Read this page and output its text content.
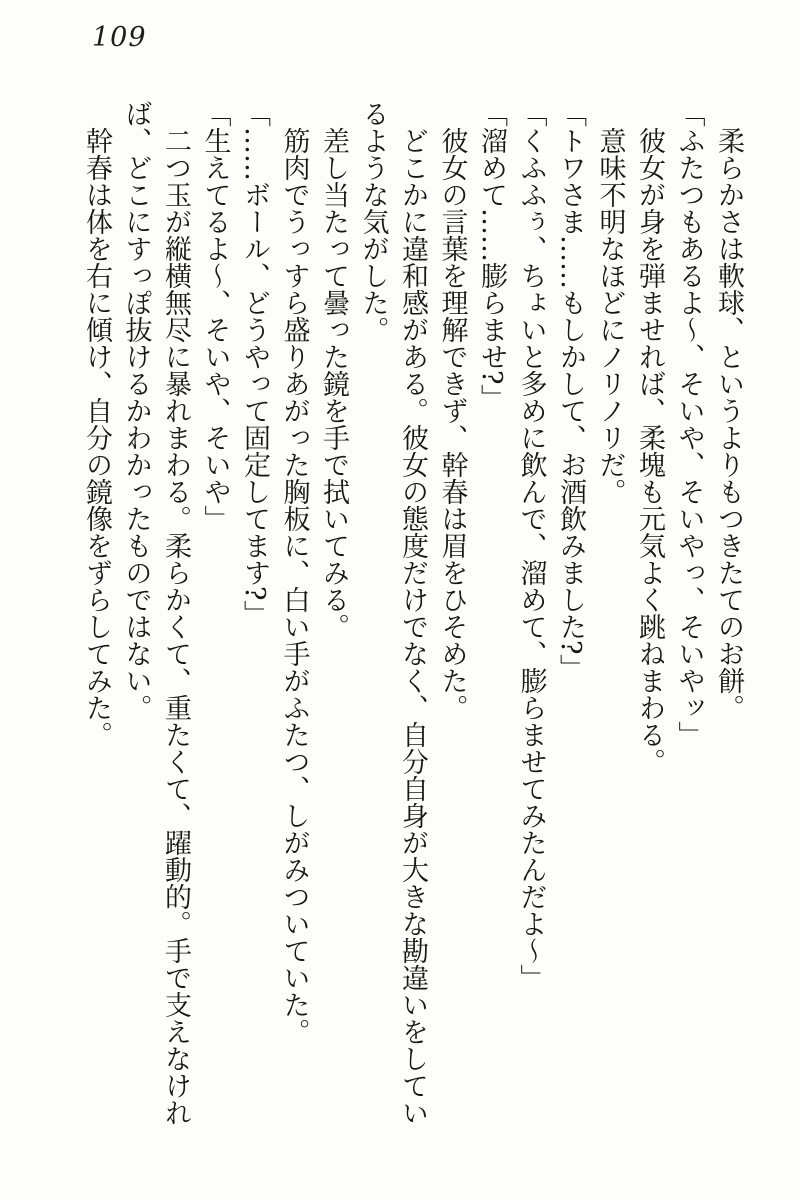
109

柔らかさは軟球、というよりもつきたてのお餅。

「ふたつもあるよ〜、そいや、そいやっ、そいやッ」

彼女が身を弾ませれば、柔塊も元気よく跳ねまわる。

意味不明なほどにノリノリだ。

「トワさま……もしかして、お酒飲みました?」

「くふふぅ、ちょいと多めに飲んで、溜めて、膨らませてみたんだよ〜」

「溜めて……膨らませ?」

彼女の言葉を理解できず、幹春は眉をひそめた。

どこかに違和感がある。彼女の態度だけでなく、自分自身が大きな勘違いをしているような気がした。

差し当たって曇った鏡を手で拭いてみる。

筋肉でうっすら盛りあがった胸板に、白い手がふたつ、しがみついていた。

「……ボール、どうやって固定してます?」

「生えてるよ〜、そいや、そいや」

二つ玉が縦横無尽に暴れまわる。柔らかくて、重たくて、躍動的。手で支えなければ、どこにすっぽ抜けるかわかったものではない。

幹春は体を右に傾け、自分の鏡像をずらしてみた。
